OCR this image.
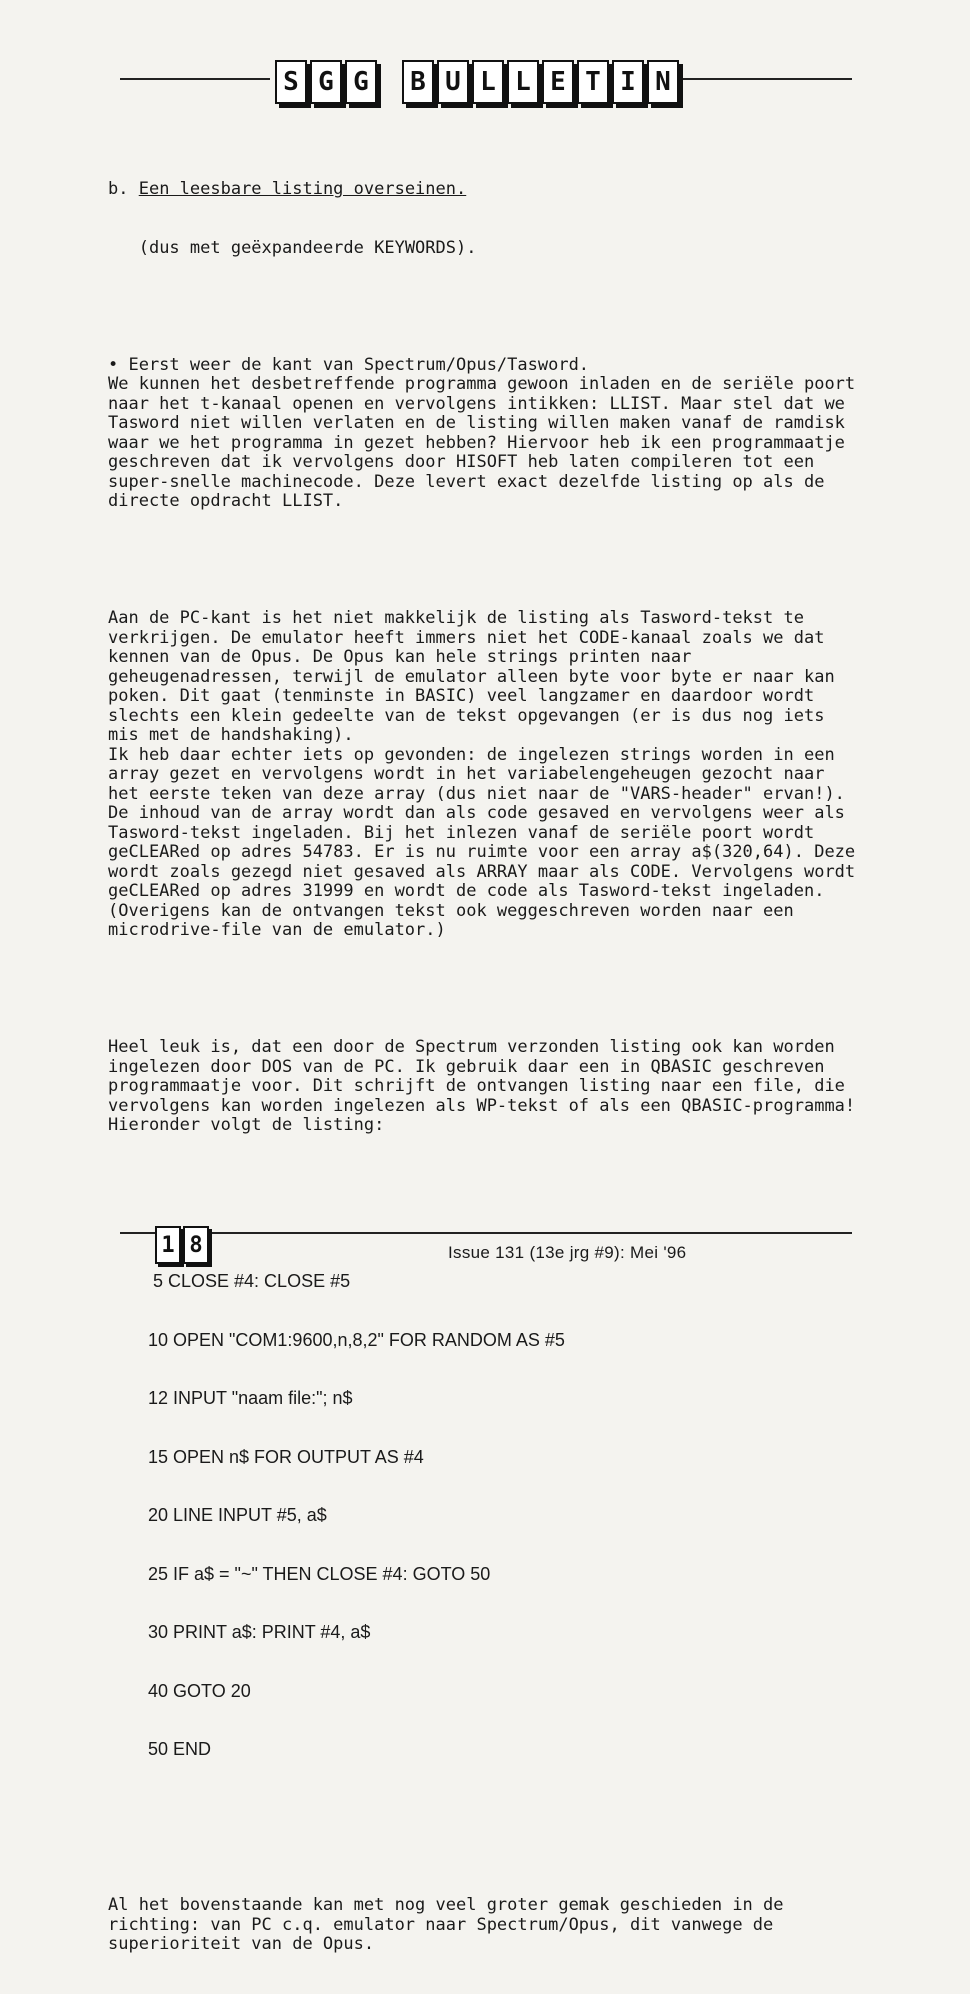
S G G	B U L L E T I N

b. Een leesbare listing overseinen.

(dus met geëxpandeerde KEYWORDS).

• Eerst weer de kant van Spectrum/Opus/Tasword.
We kunnen het desbetreffende programma gewoon inladen en de seriële poort naar het t-kanaal openen en vervolgens intikken: LLIST. Maar stel dat we Tasword niet willen verlaten en de listing willen maken vanaf de ramdisk waar we het programma in gezet hebben? Hiervoor heb ik een programmaatje geschreven dat ik vervolgens door HISOFT heb laten compileren tot een super-snelle machinecode. Deze levert exact dezelfde listing op als de directe opdracht LLIST.

Aan de PC-kant is het niet makkelijk de listing als Tasword-tekst te verkrijgen. De emulator heeft immers niet het CODE-kanaal zoals we dat kennen van de Opus. De Opus kan hele strings printen naar geheugenadressen, terwijl de emulator alleen byte voor byte er naar kan poken. Dit gaat (tenminste in BASIC) veel langzamer en daardoor wordt slechts een klein gedeelte van de tekst opgevangen (er is dus nog iets mis met de handshaking).
Ik heb daar echter iets op gevonden: de ingelezen strings worden in een array gezet en vervolgens wordt in het variabelengeheugen gezocht naar het eerste teken van deze array (dus niet naar de "VARS-header" ervan!). De inhoud van de array wordt dan als code gesaved en vervolgens weer als Tasword-tekst ingeladen. Bij het inlezen vanaf de seriële poort wordt geCLEARed op adres 54783. Er is nu ruimte voor een array a$(320,64). Deze wordt zoals gezegd niet gesaved als ARRAY maar als CODE. Vervolgens wordt geCLEARed op adres 31999 en wordt de code als Tasword-tekst ingeladen.
(Overigens kan de ontvangen tekst ook weggeschreven worden naar een microdrive-file van de emulator.)

Heel leuk is, dat een door de Spectrum verzonden listing ook kan worden ingelezen door DOS van de PC. Ik gebruik daar een in QBASIC geschreven programmaatje voor. Dit schrijft de ontvangen listing naar een file, die vervolgens kan worden ingelezen als WP-tekst of als een QBASIC-programma! Hieronder volgt de listing:

5 CLOSE #4: CLOSE #5

10 OPEN "COM1:9600,n,8,2" FOR RANDOM AS #5

12 INPUT "naam file:"; n$

15 OPEN n$ FOR OUTPUT AS #4

20 LINE INPUT #5, a$

25 IF a$ = "~" THEN CLOSE #4: GOTO 50

30 PRINT a$: PRINT #4, a$

40 GOTO 20

50 END

Al het bovenstaande kan met nog veel groter gemak geschieden in de richting: van PC c.q. emulator naar Spectrum/Opus, dit vanwege de superioriteit van de Opus.

1 8	Issue 131 (13e jrg #9): Mei '96
